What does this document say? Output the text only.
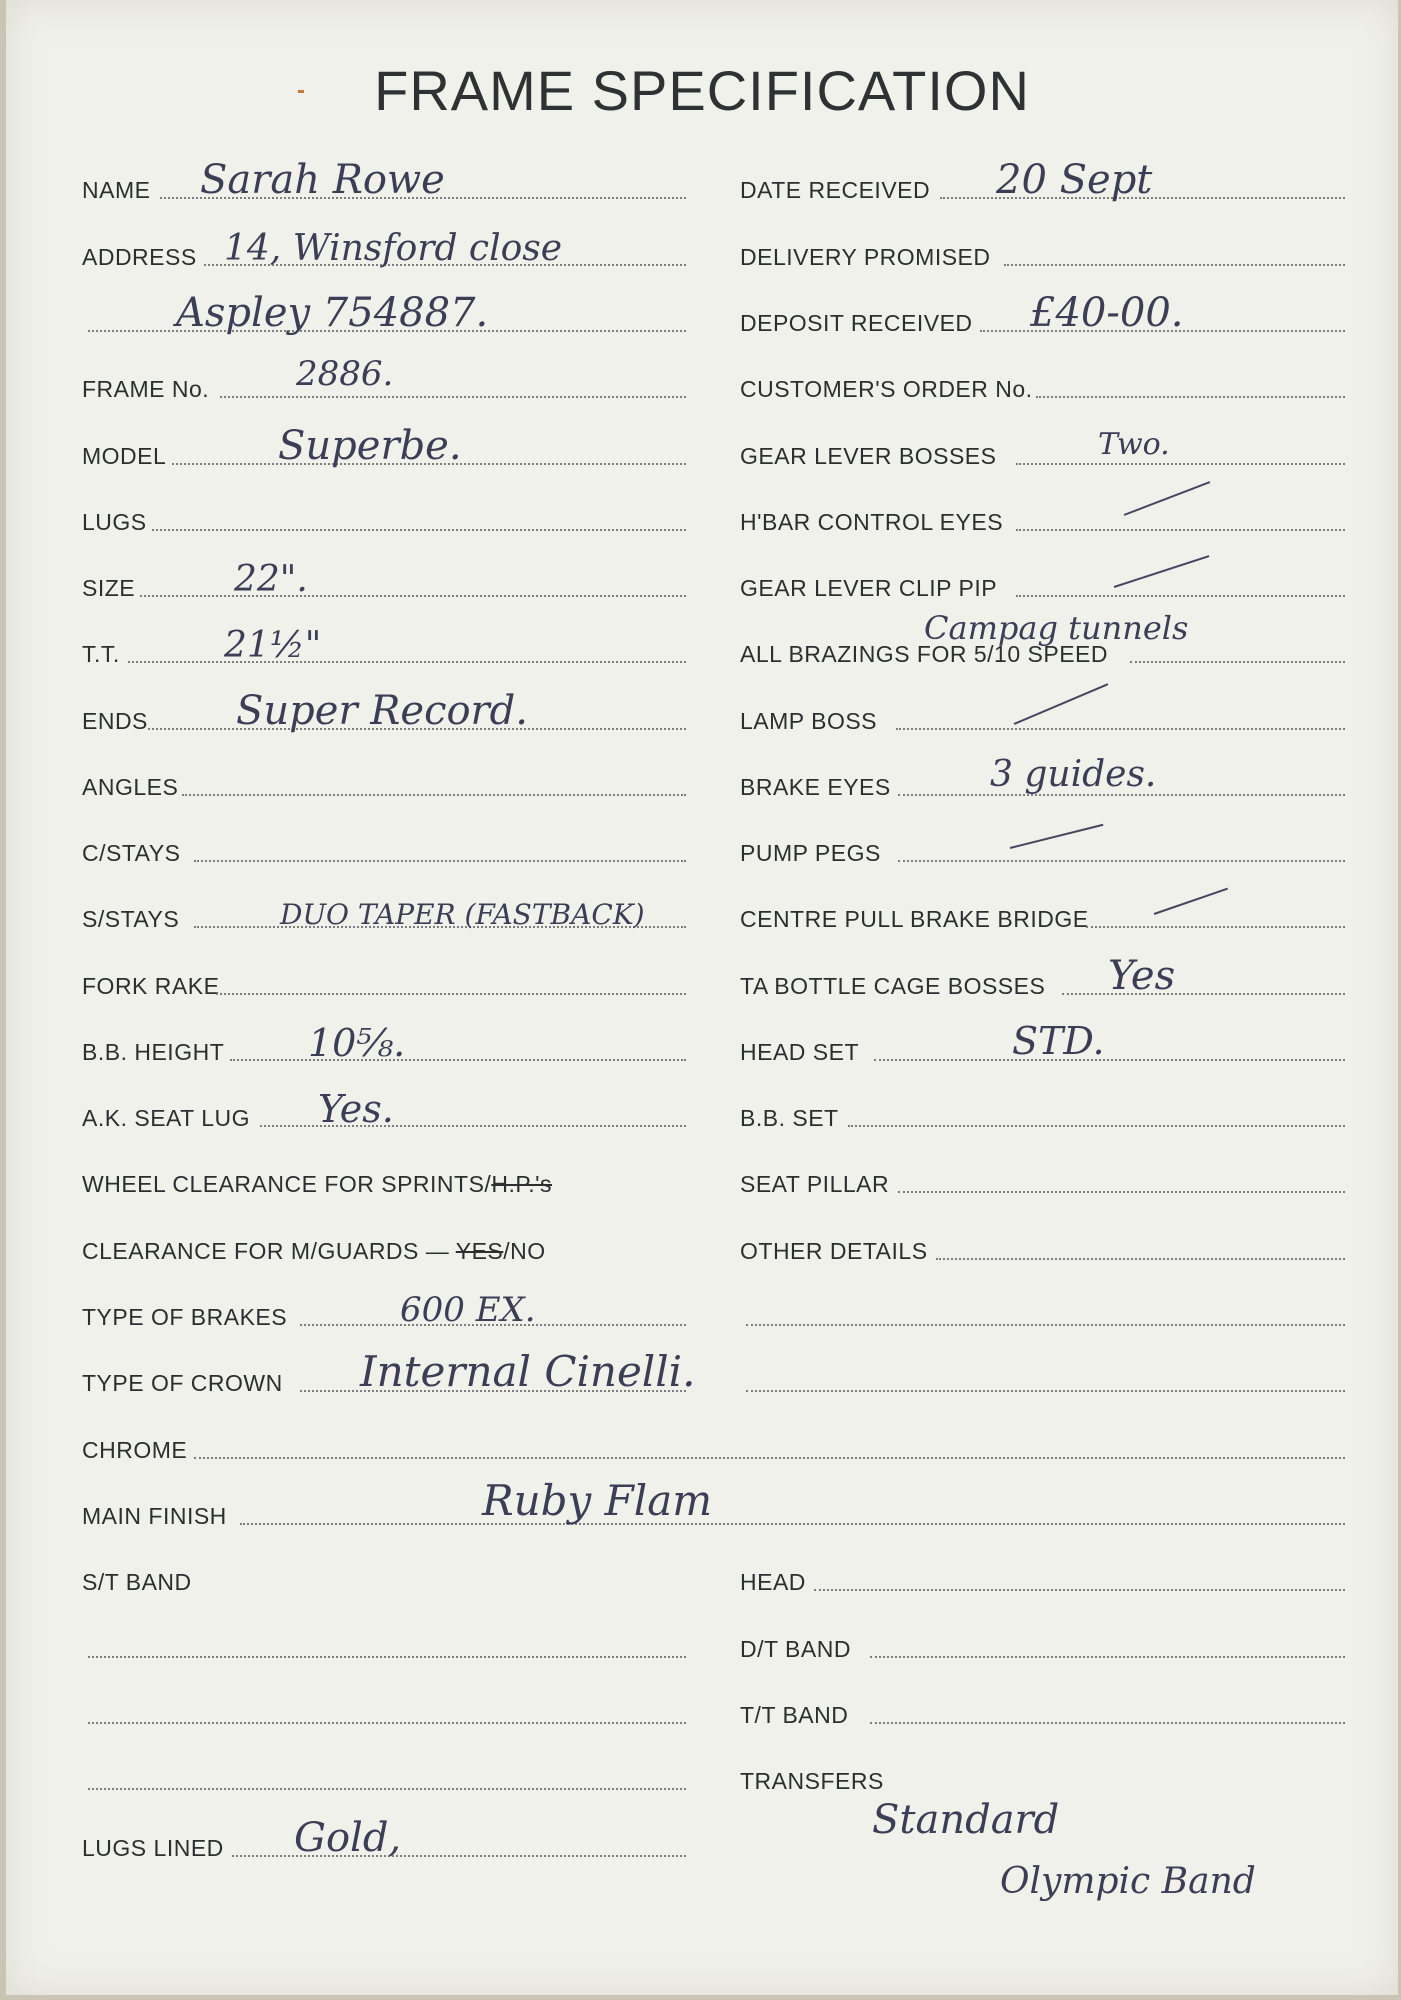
FRAME SPECIFICATION
NAME Sarah Rowe
ADDRESS 14, Winsford close
Aspley 754887.
FRAME No.	2886.
MODEL	Superbe.
LUGS
SIZE	22".
T.T.	21½"
ENDS Super Record.
ANGLES
C/STAYS
S/STAYS	DUO TAPER (FASTBACK)
FORK RAKE
B.B. HEIGHT 10⅝.
A.K. SEAT LUG Yes.
WHEEL CLEARANCE FOR SPRINTS/H.P.'s
CLEARANCE FOR M/GUARDS — YES/NO
TYPE OF BRAKES	600 EX.
TYPE OF CROWN Internal Cinelli.
CHROME
MAIN FINISH	Ruby Flam
S/T BAND
LUGS LINED Gold,
DATE RECEIVED 20 Sept
DELIVERY PROMISED
DEPOSIT RECEIVED £40-00.
CUSTOMER'S ORDER No.
GEAR LEVER BOSSES	Two.
H'BAR CONTROL EYES
GEAR LEVER CLIP PIP
ALL BRAZINGS FOR 5/10 SPEED
Campag tunnels
LAMP BOSS
BRAKE EYES	3 guides.
PUMP PEGS
CENTRE PULL BRAKE BRIDGE
TA BOTTLE CAGE BOSSES Yes
HEAD SET	STD.
B.B. SET
SEAT PILLAR
OTHER DETAILS
HEAD
D/T BAND
T/T BAND
TRANSFERS
Standard
Olympic Band
